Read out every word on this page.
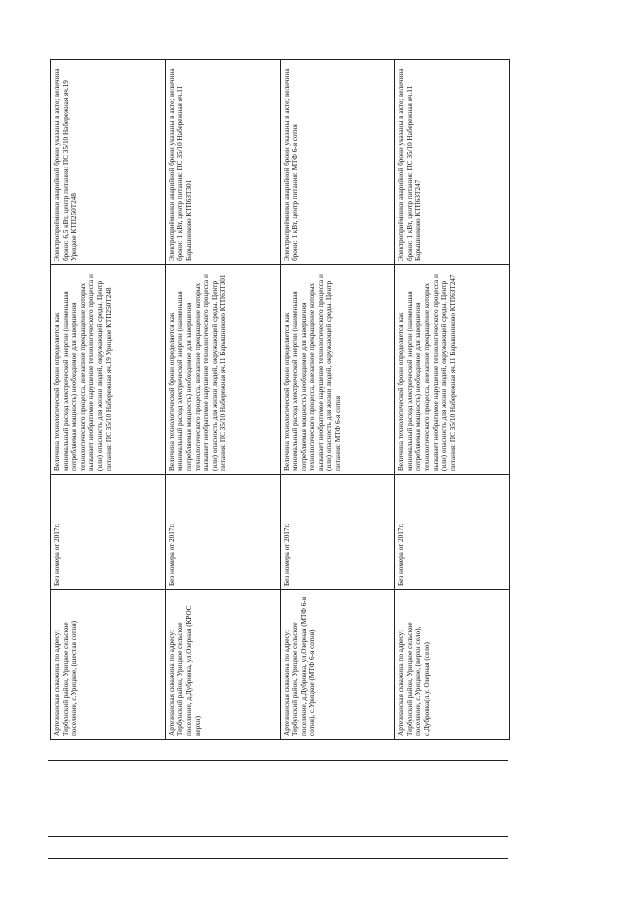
Артезианская скважина по адресу: Тербунский район, Урицкое сельское поселение, с.Урицкое, (шестая сотня)	Без номера от 2017г.	Величина технологической брони определяется как минимальный расход электрической энергии (наименьшая потребляемая мощность) необходимое для завершения технологического процесса, внезапное прекращение которых вызывает необратимое нарушение технологического процесса и (или) опасность для жизни людей, окружающей среды. Центр питания: ПС 35/10 Набережная яч.19 Урицкое КТП250Т248	Электроприёмники аварийной брони указаны в акте; величина брони: 6,5 кВт, центр питания: ПС 35/10 Набережная яч.19 Урицкое КТП250Т248
Артезианская скважина по адресу: Тербунский район, Урицкое сельское поселение, д.Дубровка, ул.Озерная (КРОС верхн)	Без номера от 2017г.	Величина технологической брони определяется как минимальный расход электрической энергии (наименьшая потребляемая мощность) необходимое для завершения технологического процесса, внезапное прекращение которых вызывает необратимое нарушение технологического процесса и (или) опасность для жизни людей, окружающей среды. Центр питания: ПС 35/10 Набережная яч.11 Барышниково КТП63Т301	Электроприёмники аварийной брони указаны в акте; величина брони: 1 кВт, центр питания: ПС 35/10 Набережная яч.11 Барышниково КТП63Т301
Артезианская скважина по адресу: Тербунский район, Урицкое сельское поселение, д.Дубровка, ул.Озерная (МТФ 6-я сотня), с.Урицкое (МТФ 6-я сотня)	Без номера от 2017г.	Величина технологической брони определяется как минимальный расход электрической энергии (наименьшая потребляемая мощность) необходимое для завершения технологического процесса, внезапное прекращение которых вызывает необратимое нарушение технологического процесса и (или) опасность для жизни людей, окружающей среды. Центр питания: МТФ 6-я сотня	Электроприёмники аварийной брони указаны в акте; величина брони: 1 кВт, центр питания: МТФ 6-я сотня
Артезианская скважина по адресу: Тербунский район, Урицкое сельское поселение, с.Урицкое, (верхн село), с.Дубровка(л.у. Озерная (село)	Без номера от 2017г.	Величина технологической брони определяется как минимальный расход электрической энергии (наименьшая потребляемая мощность) необходимое для завершения технологического процесса, внезапное прекращение которых вызывает необратимое нарушение технологического процесса и (или) опасность для жизни людей, окружающей среды. Центр питания: ПС 35/10 Набережная яч.11 Барышниково КТП63Т247	Электроприёмники аварийной брони указаны в акте; величина брони: 1 кВт, центр питания: ПС 35/10 Набережная яч.11 Барышниково КТП63Т247
